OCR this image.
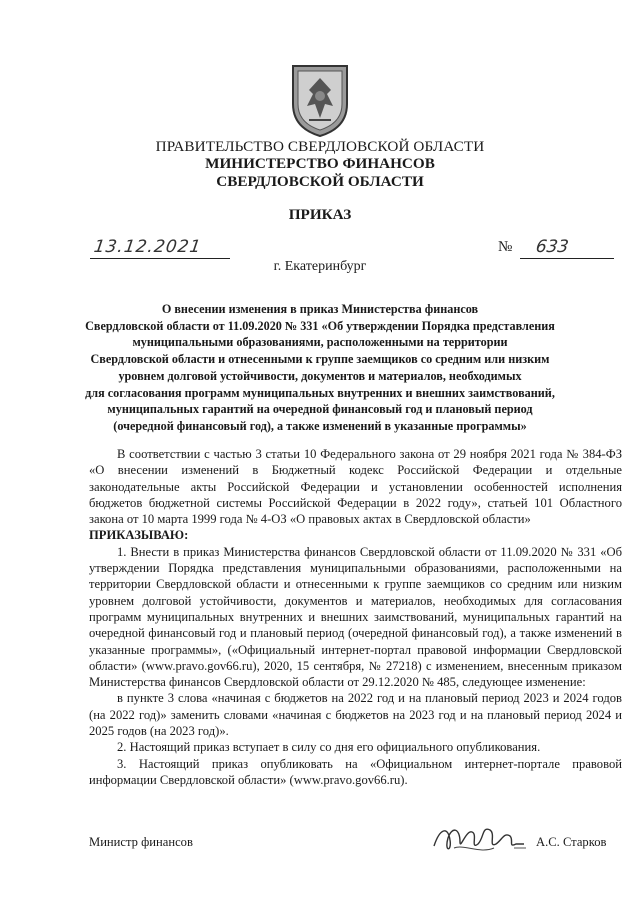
ПРАВИТЕЛЬСТВО СВЕРДЛОВСКОЙ ОБЛАСТИ
МИНИСТЕРСТВО ФИНАНСОВ
СВЕРДЛОВСКОЙ ОБЛАСТИ
ПРИКАЗ
13.12.2021	№ 633
г. Екатеринбург
О внесении изменения в приказ Министерства финансов
Свердловской области от 11.09.2020 № 331 «Об утверждении Порядка представления
муниципальными образованиями, расположенными на территории
Свердловской области и отнесенными к группе заемщиков со средним или низким
уровнем долговой устойчивости, документов и материалов, необходимых
для согласования программ муниципальных внутренних и внешних заимствований,
муниципальных гарантий на очередной финансовый год и плановый период
(очередной финансовый год), а также изменений в указанные программы»
В соответствии с частью 3 статьи 10 Федерального закона от 29 ноября 2021 года № 384-ФЗ «О внесении изменений в Бюджетный кодекс Российской Федерации и отдельные законодательные акты Российской Федерации и установлении особенностей исполнения бюджетов бюджетной системы Российской Федерации в 2022 году», статьей 101 Областного закона от 10 марта 1999 года № 4-ОЗ «О правовых актах в Свердловской области»
ПРИКАЗЫВАЮ:
1. Внести в приказ Министерства финансов Свердловской области от 11.09.2020 № 331 «Об утверждении Порядка представления муниципальными образованиями, расположенными на территории Свердловской области и отнесенными к группе заемщиков со средним или низким уровнем долговой устойчивости, документов и материалов, необходимых для согласования программ муниципальных внутренних и внешних заимствований, муниципальных гарантий на очередной финансовый год и плановый период (очередной финансовый год), а также изменений в указанные программы», («Официальный интернет-портал правовой информации Свердловской области» (www.pravo.gov66.ru), 2020, 15 сентября, № 27218) с изменением, внесенным приказом Министерства финансов Свердловской области от 29.12.2020 № 485, следующее изменение:
в пункте 3 слова «начиная с бюджетов на 2022 год и на плановый период 2023 и 2024 годов (на 2022 год)» заменить словами «начиная с бюджетов на 2023 год и на плановый период 2024 и 2025 годов (на 2023 год)».
2. Настоящий приказ вступает в силу со дня его официального опубликования.
3. Настоящий приказ опубликовать на «Официальном интернет-портале правовой информации Свердловской области» (www.pravo.gov66.ru).
Министр финансов	А.С. Старков
